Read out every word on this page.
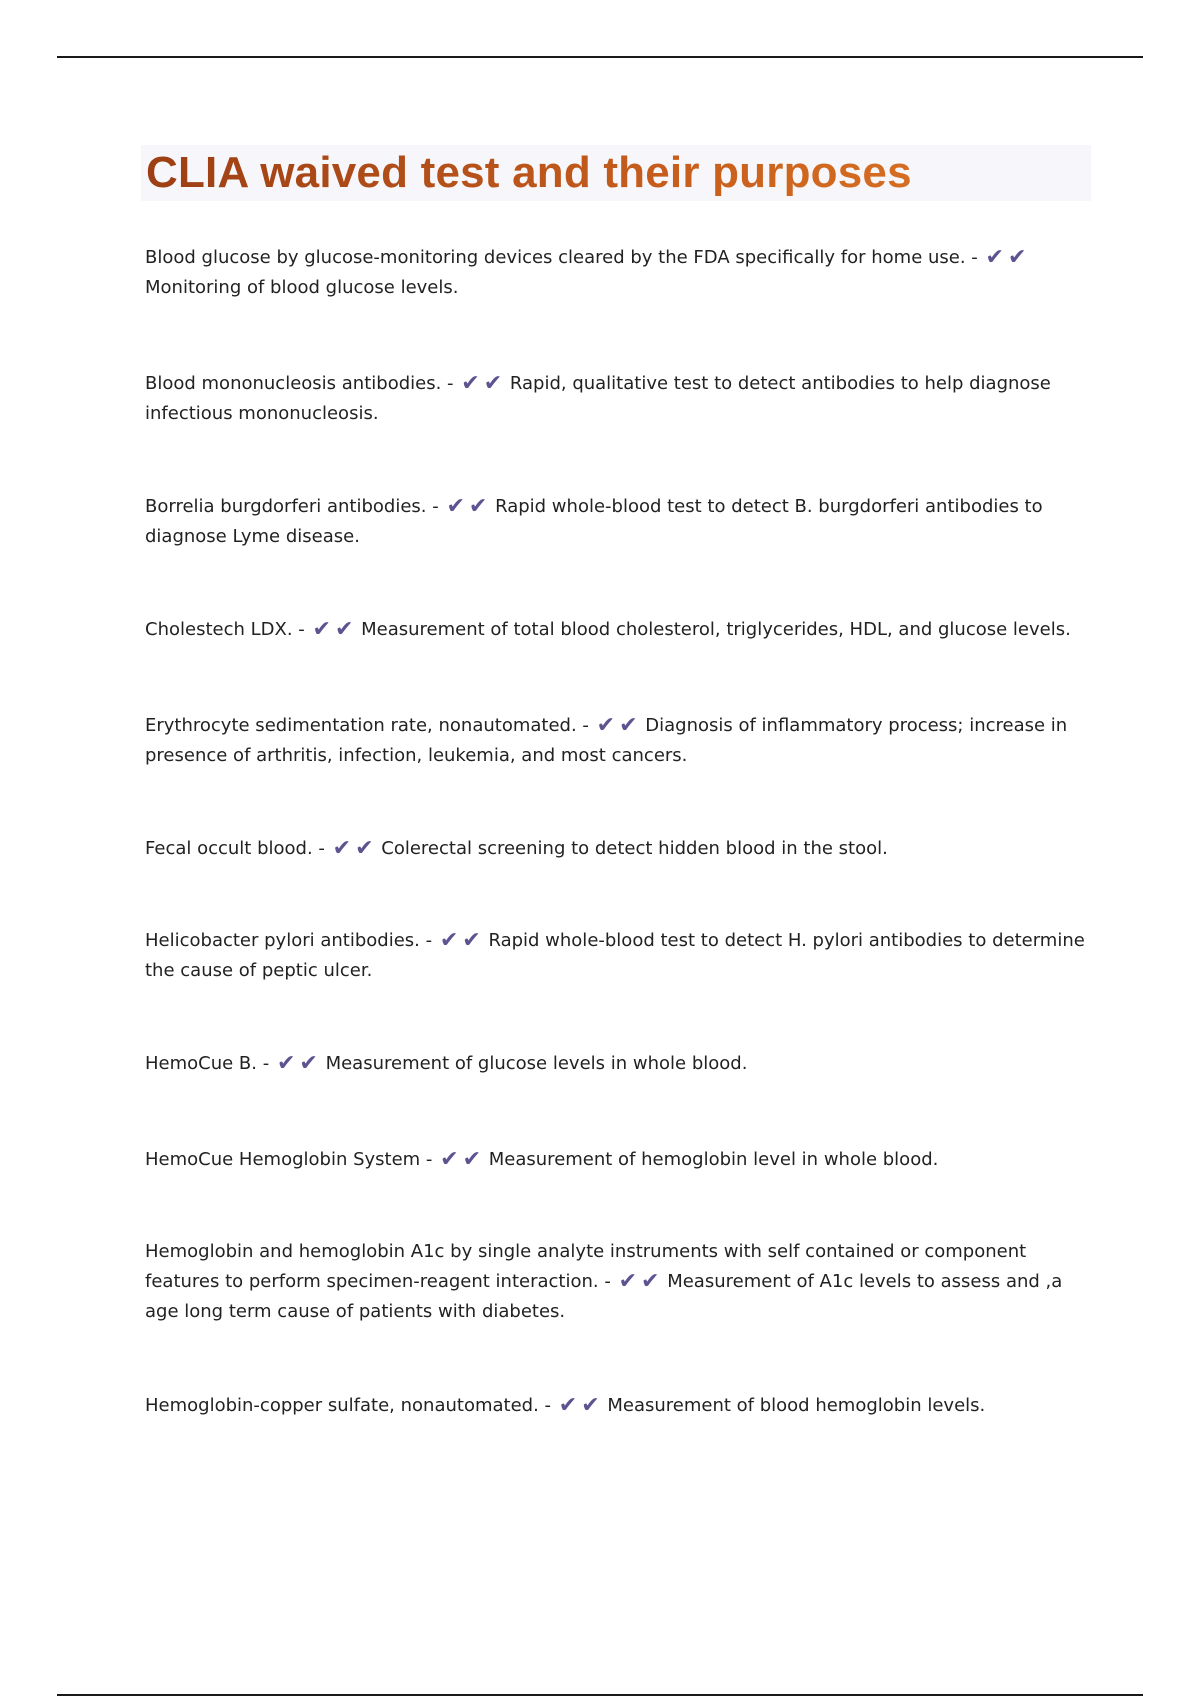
CLIA waived test and their purposes

Blood glucose by glucose-monitoring devices cleared by the FDA specifically for home use. - ✔ ✔ Monitoring of blood glucose levels.

Blood mononucleosis antibodies. - ✔ ✔ Rapid, qualitative test to detect antibodies to help diagnose infectious mononucleosis.

Borrelia burgdorferi antibodies. - ✔ ✔ Rapid whole-blood test to detect B. burgdorferi antibodies to diagnose Lyme disease.

Cholestech LDX. - ✔ ✔ Measurement of total blood cholesterol, triglycerides, HDL, and glucose levels.

Erythrocyte sedimentation rate, nonautomated. - ✔ ✔ Diagnosis of inflammatory process; increase in presence of arthritis, infection, leukemia, and most cancers.

Fecal occult blood. - ✔ ✔ Colerectal screening to detect hidden blood in the stool.

Helicobacter pylori antibodies. - ✔ ✔ Rapid whole-blood test to detect H. pylori antibodies to determine the cause of peptic ulcer.

HemoCue B. - ✔ ✔ Measurement of glucose levels in whole blood.

HemoCue Hemoglobin System - ✔ ✔ Measurement of hemoglobin level in whole blood.

Hemoglobin and hemoglobin A1c by single analyte instruments with self contained or component features to perform specimen-reagent interaction. - ✔ ✔ Measurement of A1c levels to assess and ,a age long term cause of patients with diabetes.

Hemoglobin-copper sulfate, nonautomated. - ✔ ✔ Measurement of blood hemoglobin levels.
